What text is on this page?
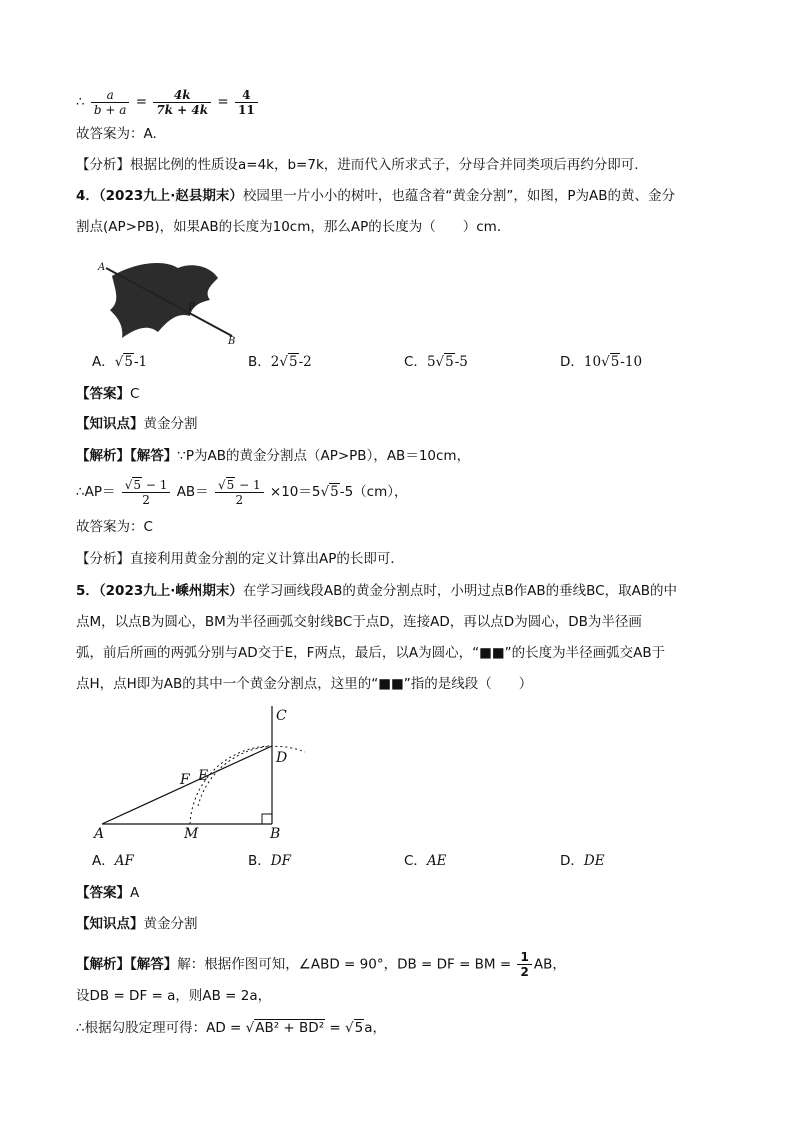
∴ $\frac{a}{b + a} = \frac{4k}{7k + 4k} = \frac{4}{11}$
故答案为：A.
【分析】根据比例的性质设a=4k，b=7k，进而代入所求式子，分母合并同类项后再约分即可.
4．（2023九上·赵县期末）校园里一片小小的树叶，也蕴含着“黄金分割”，如图，P为AB的黄、金分
割点(AP>PB)，如果AB的长度为10cm，那么AP的长度为（　　）cm．
A
P
B
A．√5-1	B．2√5-2	C．5√5-5	D．10√5-10
【答案】C
【知识点】黄金分割
【解析】【解答】∵P为AB的黄金分割点（AP>PB），AB＝10cm，
∴AP＝ $\frac{√5 - 1}{2} AB= \frac{√5 - 1}{2} \times 10=5√5-5(cm)$，
故答案为：C
【分析】直接利用黄金分割的定义计算出AP的长即可．
5．（2023九上·嵊州期末）在学习画线段AB的黄金分割点时，小明过点B作AB的垂线BC，取AB的中
点M，以点B为圆心，BM为半径画弧交射线BC于点D，连接AD，再以点D为圆心，DB为半径画
弧，前后所画的两弧分别与AD交于E，F两点，最后，以A为圆心，“■■”的长度为半径画弧交AB于
点H，点H即为AB的其中一个黄金分割点，这里的“■■”指的是线段（　　）
C
D
E
F
A	M	B
A．AF	B．DF	C．AE	D．DE
【答案】A
【知识点】黄金分割
【解析】【解答】解：根据作图可知，∠ABD = 90°，DB = DF = BM = $\frac{1}{2}$ AB，
设DB = DF = a，则AB = 2a，
∴根据勾股定理可得：AD = √AB² + BD² = √5a，
